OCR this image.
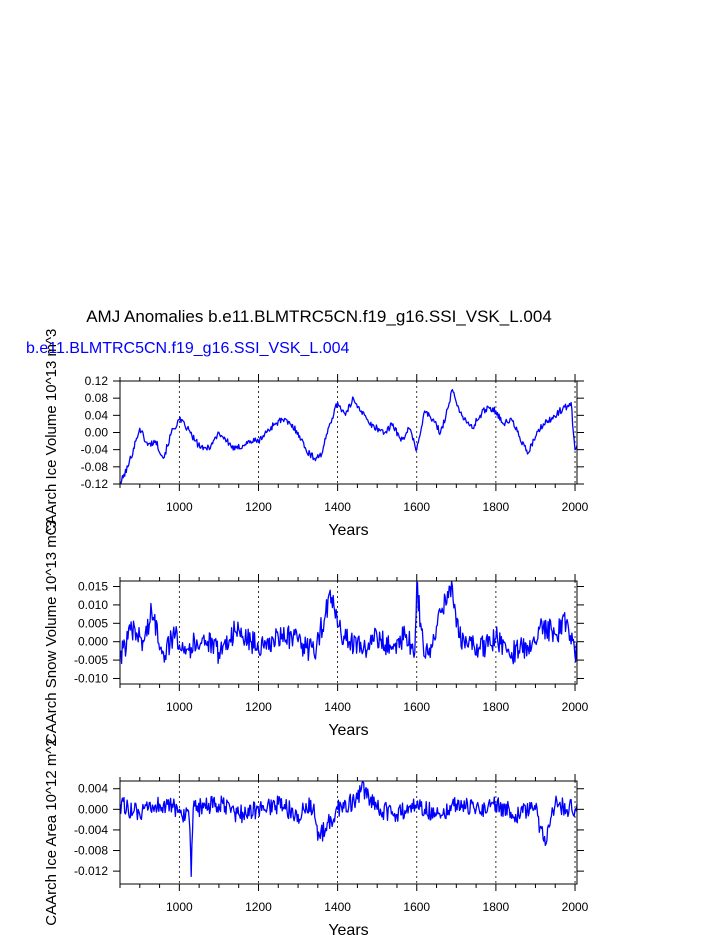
AMJ Anomalies b.e11.BLMTRC5CN.f19_g16.SSI_VSK_L.004
b.e11.BLMTRC5CN.f19_g16.SSI_VSK_L.004
1000	1200	1400	1600	1800	2000
0.12
0.08
0.04
0.00
-0.04
-0.08
-0.12
Years
CAArch Ice Volume 10^13 m^3
1000	1200	1400	1600	1800	2000
0.015
0.010
0.005
0.000
-0.005
-0.010
Years
CAArch Snow Volume 10^13 m^3
1000	1200	1400	1600	1800	2000
0.004
0.000
-0.004
-0.008
-0.012
Years
CAArch Ice Area 10^12 m^2
